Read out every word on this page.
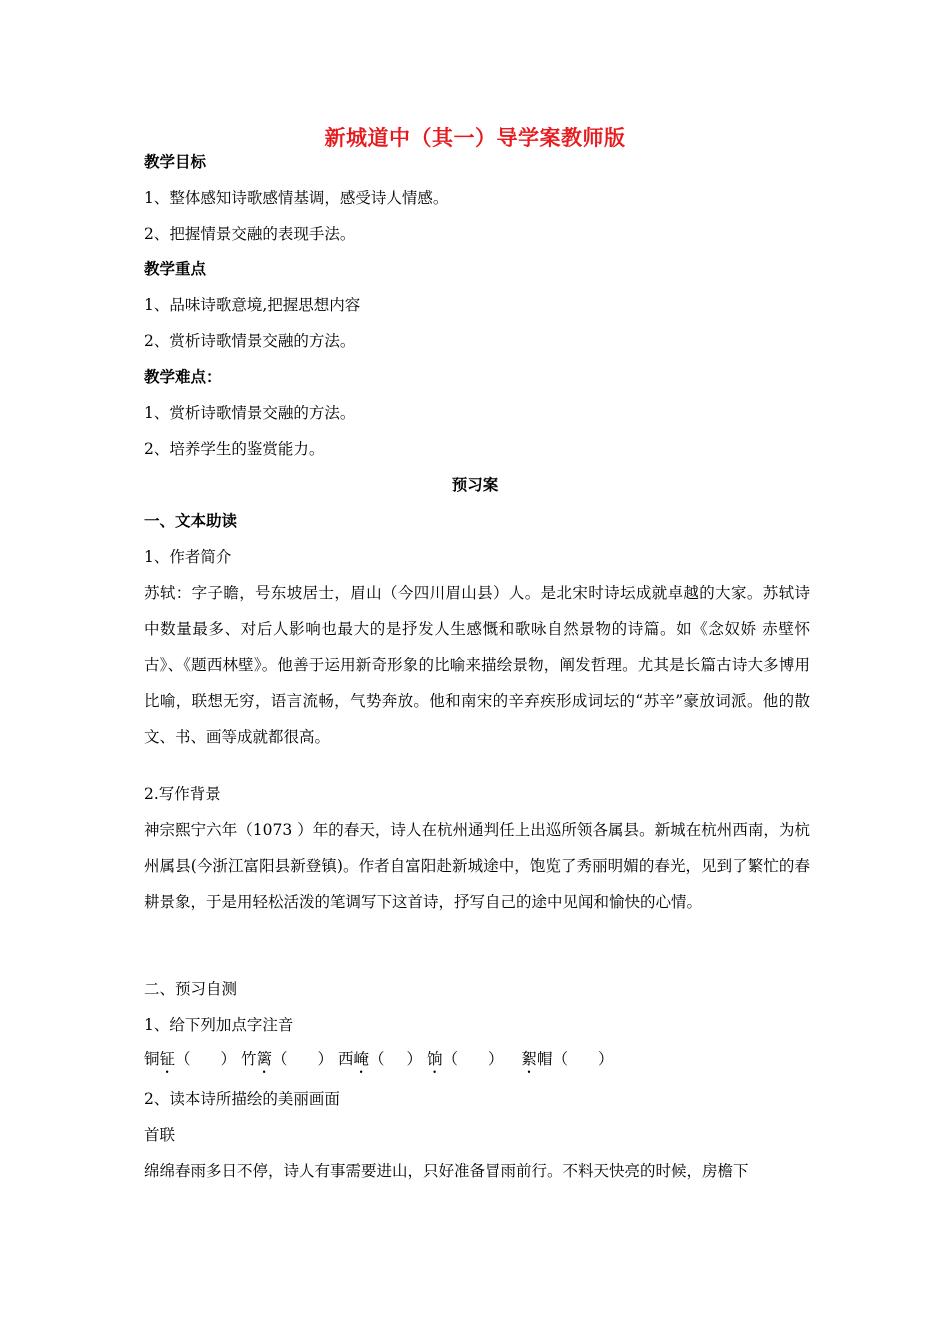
新城道中（其一）导学案教师版
教学目标
1、整体感知诗歌感情基调，感受诗人情感。
2、把握情景交融的表现手法。
教学重点
1、品味诗歌意境,把握思想内容
2、赏析诗歌情景交融的方法。
教学难点：
1、赏析诗歌情景交融的方法。
2、培养学生的鉴赏能力。
预习案
一、文本助读
1、作者简介
苏轼：字子瞻，号东坡居士，眉山（今四川眉山县）人。是北宋时诗坛成就卓越的大家。苏轼诗中数量最多、对后人影响也最大的是抒发人生感慨和歌咏自然景物的诗篇。如《念奴娇 赤壁怀古》、《题西林壁》。他善于运用新奇形象的比喻来描绘景物，阐发哲理。尤其是长篇古诗大多博用比喻，联想无穷，语言流畅，气势奔放。他和南宋的辛弃疾形成词坛的“苏辛”豪放词派。他的散文、书、画等成就都很高。
2.写作背景
神宗熙宁六年（1073 ）年的春天，诗人在杭州通判任上出巡所领各属县。新城在杭州西南，为杭州属县(今浙江富阳县新登镇)。作者自富阳赴新城途中，饱览了秀丽明媚的春光，见到了繁忙的春耕景象，于是用轻松活泼的笔调写下这首诗，抒写自己的途中见闻和愉快的心情。
二、预习自测
1、给下列加点字注音
铜钲（ ） 竹篱（ ） 西崦（ ） 饷（ ） 絮帽（ ）
2、读本诗所描绘的美丽画面
首联
绵绵春雨多日不停，诗人有事需要进山，只好准备冒雨前行。不料天快亮的时候，房檐下
